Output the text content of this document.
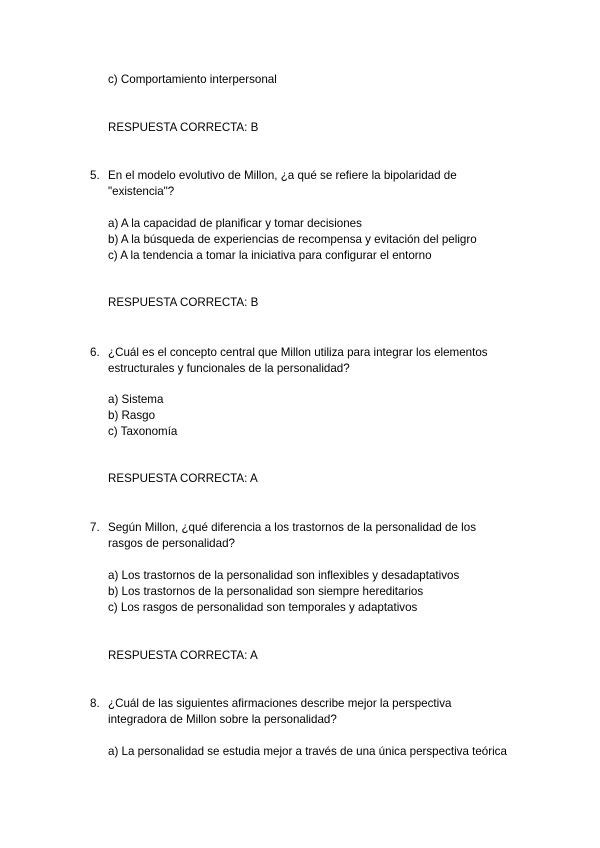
c) Comportamiento interpersonal
RESPUESTA CORRECTA: B
5. En el modelo evolutivo de Millon, ¿a qué se refiere la bipolaridad de
"existencia"?
a) A la capacidad de planificar y tomar decisiones
b) A la búsqueda de experiencias de recompensa y evitación del peligro
c) A la tendencia a tomar la iniciativa para configurar el entorno
RESPUESTA CORRECTA: B
6. ¿Cuál es el concepto central que Millon utiliza para integrar los elementos
estructurales y funcionales de la personalidad?
a) Sistema
b) Rasgo
c) Taxonomía
RESPUESTA CORRECTA: A
7. Según Millon, ¿qué diferencia a los trastornos de la personalidad de los
rasgos de personalidad?
a) Los trastornos de la personalidad son inflexibles y desadaptativos
b) Los trastornos de la personalidad son siempre hereditarios
c) Los rasgos de personalidad son temporales y adaptativos
RESPUESTA CORRECTA: A
8. ¿Cuál de las siguientes afirmaciones describe mejor la perspectiva
integradora de Millon sobre la personalidad?
a) La personalidad se estudia mejor a través de una única perspectiva teórica
